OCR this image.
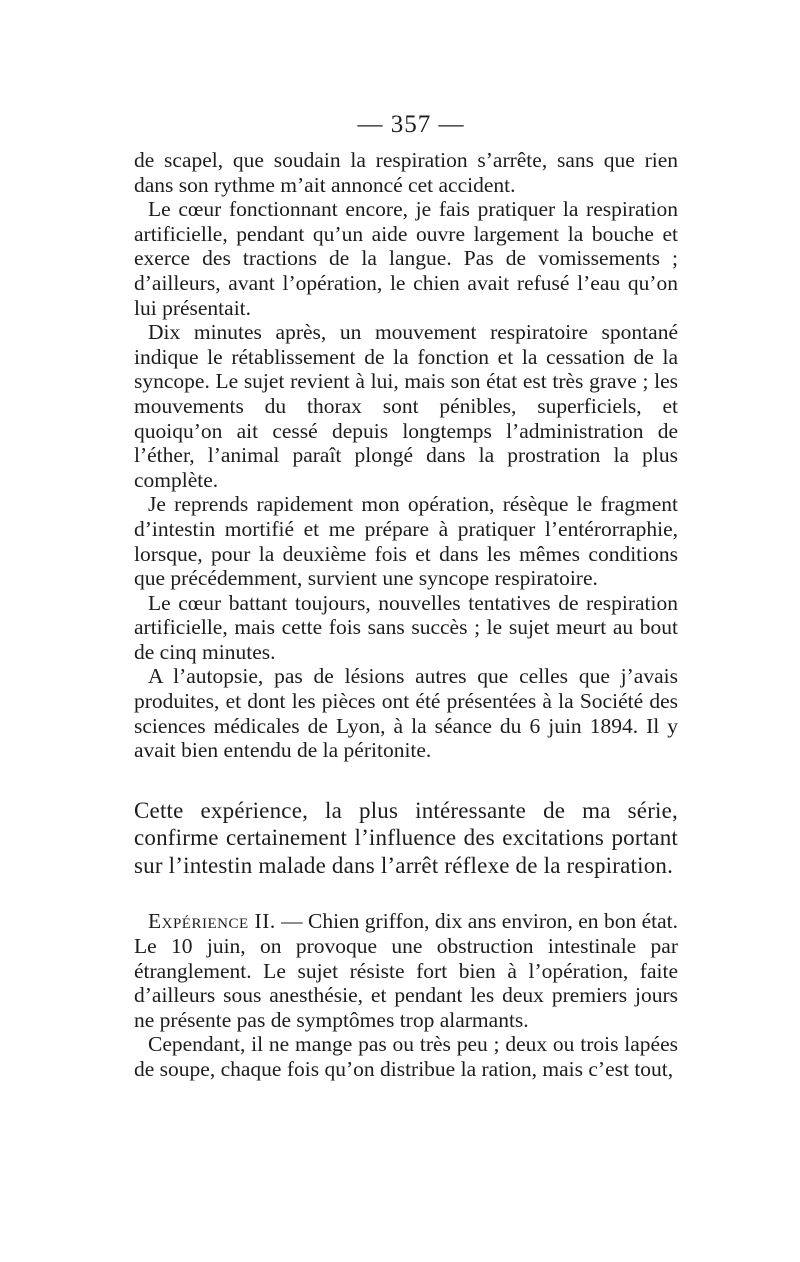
— 357 —

de scapel, que soudain la respiration s’arrête, sans que rien dans son rythme m’ait annoncé cet accident.

Le cœur fonctionnant encore, je fais pratiquer la respiration artificielle, pendant qu’un aide ouvre largement la bouche et exerce des tractions de la langue. Pas de vomissements ; d’ailleurs, avant l’opération, le chien avait refusé l’eau qu’on lui présentait.

Dix minutes après, un mouvement respiratoire spontané indique le rétablissement de la fonction et la cessation de la syncope. Le sujet revient à lui, mais son état est très grave ; les mouvements du thorax sont pénibles, superficiels, et quoiqu’on ait cessé depuis longtemps l’administration de l’éther, l’animal paraît plongé dans la prostration la plus complète.

Je reprends rapidement mon opération, résèque le fragment d’intestin mortifié et me prépare à pratiquer l’entérorraphie, lorsque, pour la deuxième fois et dans les mêmes conditions que précédemment, survient une syncope respiratoire.

Le cœur battant toujours, nouvelles tentatives de respiration artificielle, mais cette fois sans succès ; le sujet meurt au bout de cinq minutes.

A l’autopsie, pas de lésions autres que celles que j’avais produites, et dont les pièces ont été présentées à la Société des sciences médicales de Lyon, à la séance du 6 juin 1894. Il y avait bien entendu de la péritonite.

Cette expérience, la plus intéressante de ma série, confirme certainement l’influence des excitations portant sur l’intestin malade dans l’arrêt réflexe de la respiration.

Expérience II. — Chien griffon, dix ans environ, en bon état. Le 10 juin, on provoque une obstruction intestinale par étranglement. Le sujet résiste fort bien à l’opération, faite d’ailleurs sous anesthésie, et pendant les deux premiers jours ne présente pas de symptômes trop alarmants.

Cependant, il ne mange pas ou très peu ; deux ou trois lapées de soupe, chaque fois qu’on distribue la ration, mais c’est tout,
